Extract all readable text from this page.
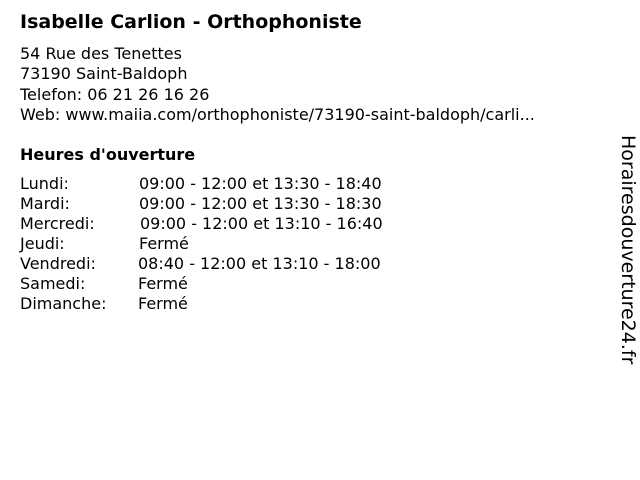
Isabelle Carlion - Orthophoniste
54 Rue des Tenettes
73190 Saint-Baldoph
Telefon: 06 21 26 16 26
Web: www.maiia.com/orthophoniste/73190-saint-baldoph/carli...
Heures d'ouverture
Lundi:	09:00 - 12:00 et 13:30 - 18:40
Mardi:	09:00 - 12:00 et 13:30 - 18:30
Mercredi:	09:00 - 12:00 et 13:10 - 16:40
Jeudi:	Fermé
Vendredi:	08:40 - 12:00 et 13:10 - 18:00
Samedi:	Fermé
Dimanche: Fermé	Horairesdouverture24.fr
